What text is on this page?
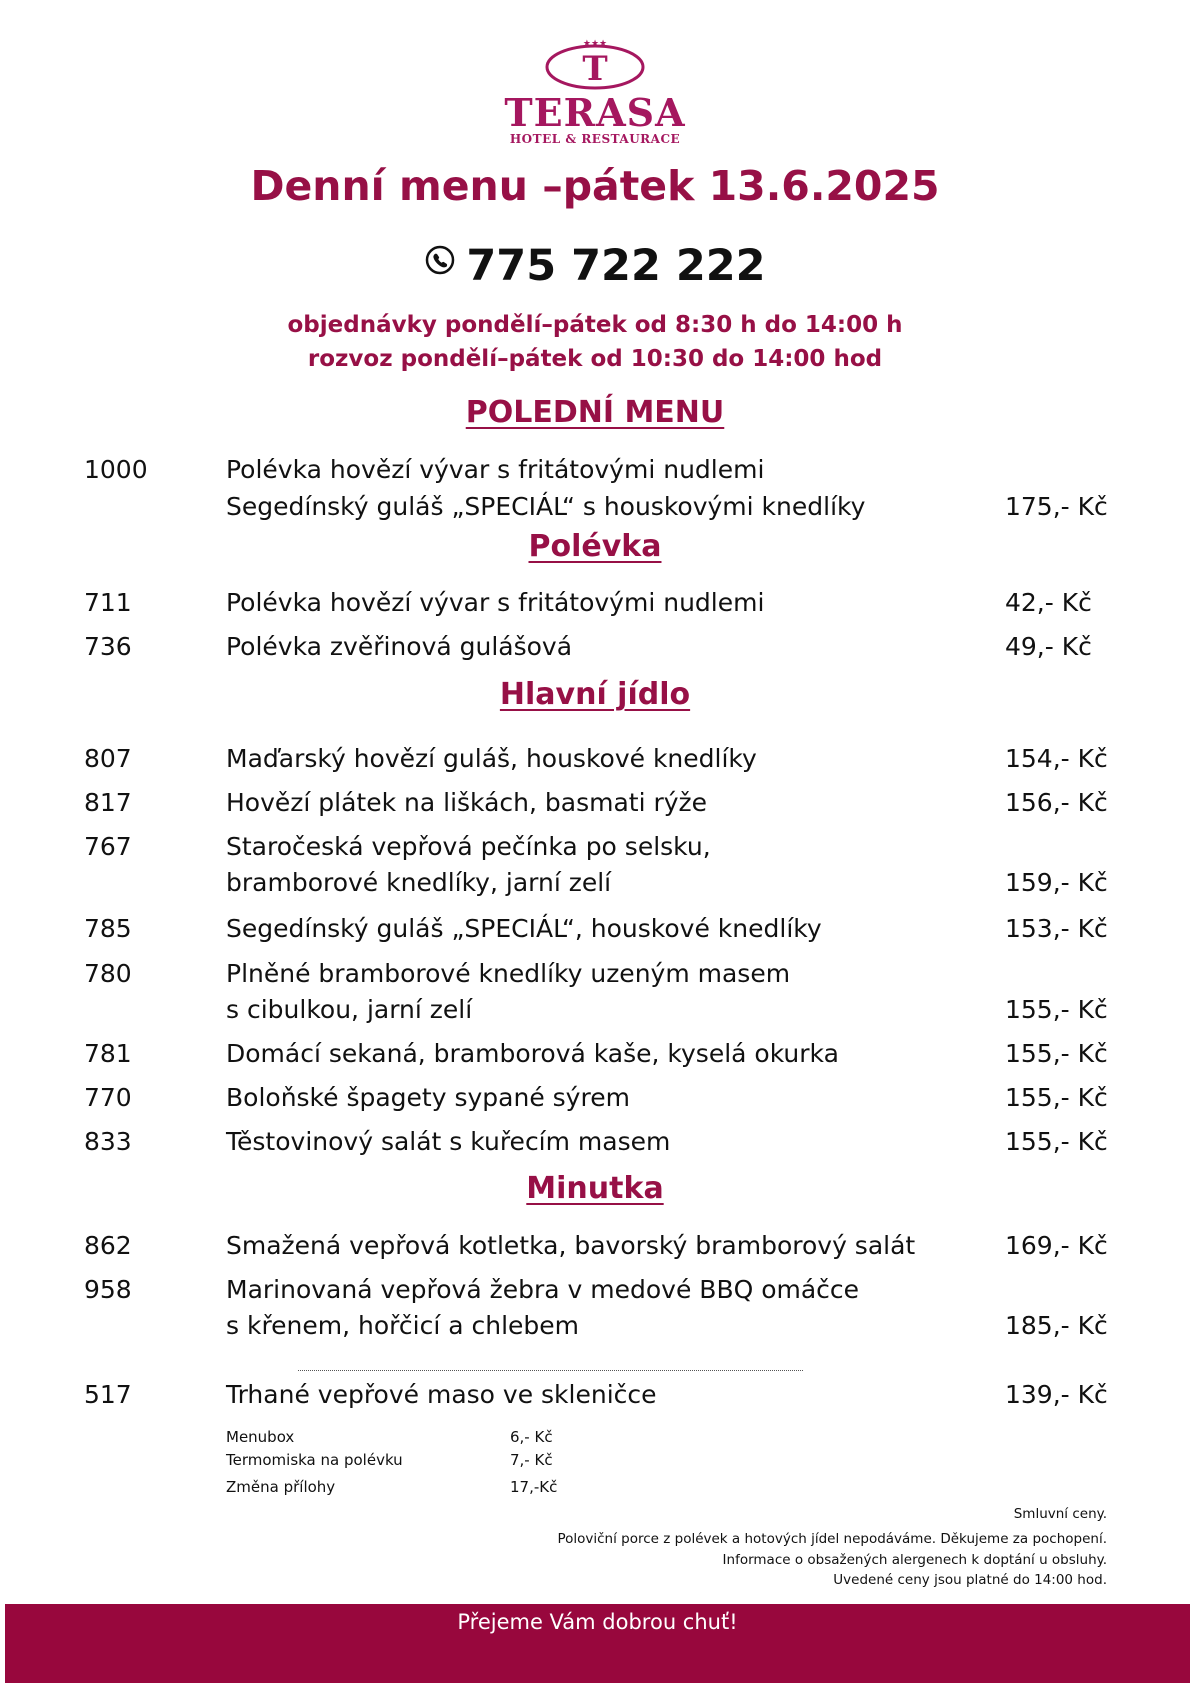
★★★
T
TERASA
HOTEL & RESTAURACE
Denní menu –pátek 13.6.2025
775 722 222
objednávky pondělí–pátek od 8:30 h do 14:00 h
rozvoz pondělí–pátek od 10:30 do 14:00 hod
POLEDNÍ MENU
1000	Polévka hovězí vývar s fritátovými nudlemi
Segedínský guláš „SPECIÁL“ s houskovými knedlíky	175,- Kč
Polévka
711	Polévka hovězí vývar s fritátovými nudlemi	42,- Kč
736	Polévka zvěřinová gulášová	49,- Kč
Hlavní jídlo
807	Maďarský hovězí guláš, houskové knedlíky	154,- Kč
817	Hovězí plátek na liškách, basmati rýže	156,- Kč
767	Staročeská vepřová pečínka po selsku,
bramborové knedlíky, jarní zelí	159,- Kč
785	Segedínský guláš „SPECIÁL“, houskové knedlíky	153,- Kč
780	Plněné bramborové knedlíky uzeným masem
s cibulkou, jarní zelí	155,- Kč
781	Domácí sekaná, bramborová kaše, kyselá okurka	155,- Kč
770	Boloňské špagety sypané sýrem	155,- Kč
833	Těstovinový salát s kuřecím masem	155,- Kč
Minutka
862	Smažená vepřová kotletka, bavorský bramborový salát	169,- Kč
958	Marinovaná vepřová žebra v medové BBQ omáčce
s křenem, hořčicí a chlebem	185,- Kč
517	Trhané vepřové maso ve skleničce	139,- Kč
Menubox	6,- Kč
Termomiska na polévku	7,- Kč
Změna přílohy	17,-Kč
Smluvní ceny.
Poloviční porce z polévek a hotových jídel nepodáváme. Děkujeme za pochopení.
Informace o obsažených alergenech k doptání u obsluhy.
Uvedené ceny jsou platné do 14:00 hod.
Přejeme Vám dobrou chuť!
